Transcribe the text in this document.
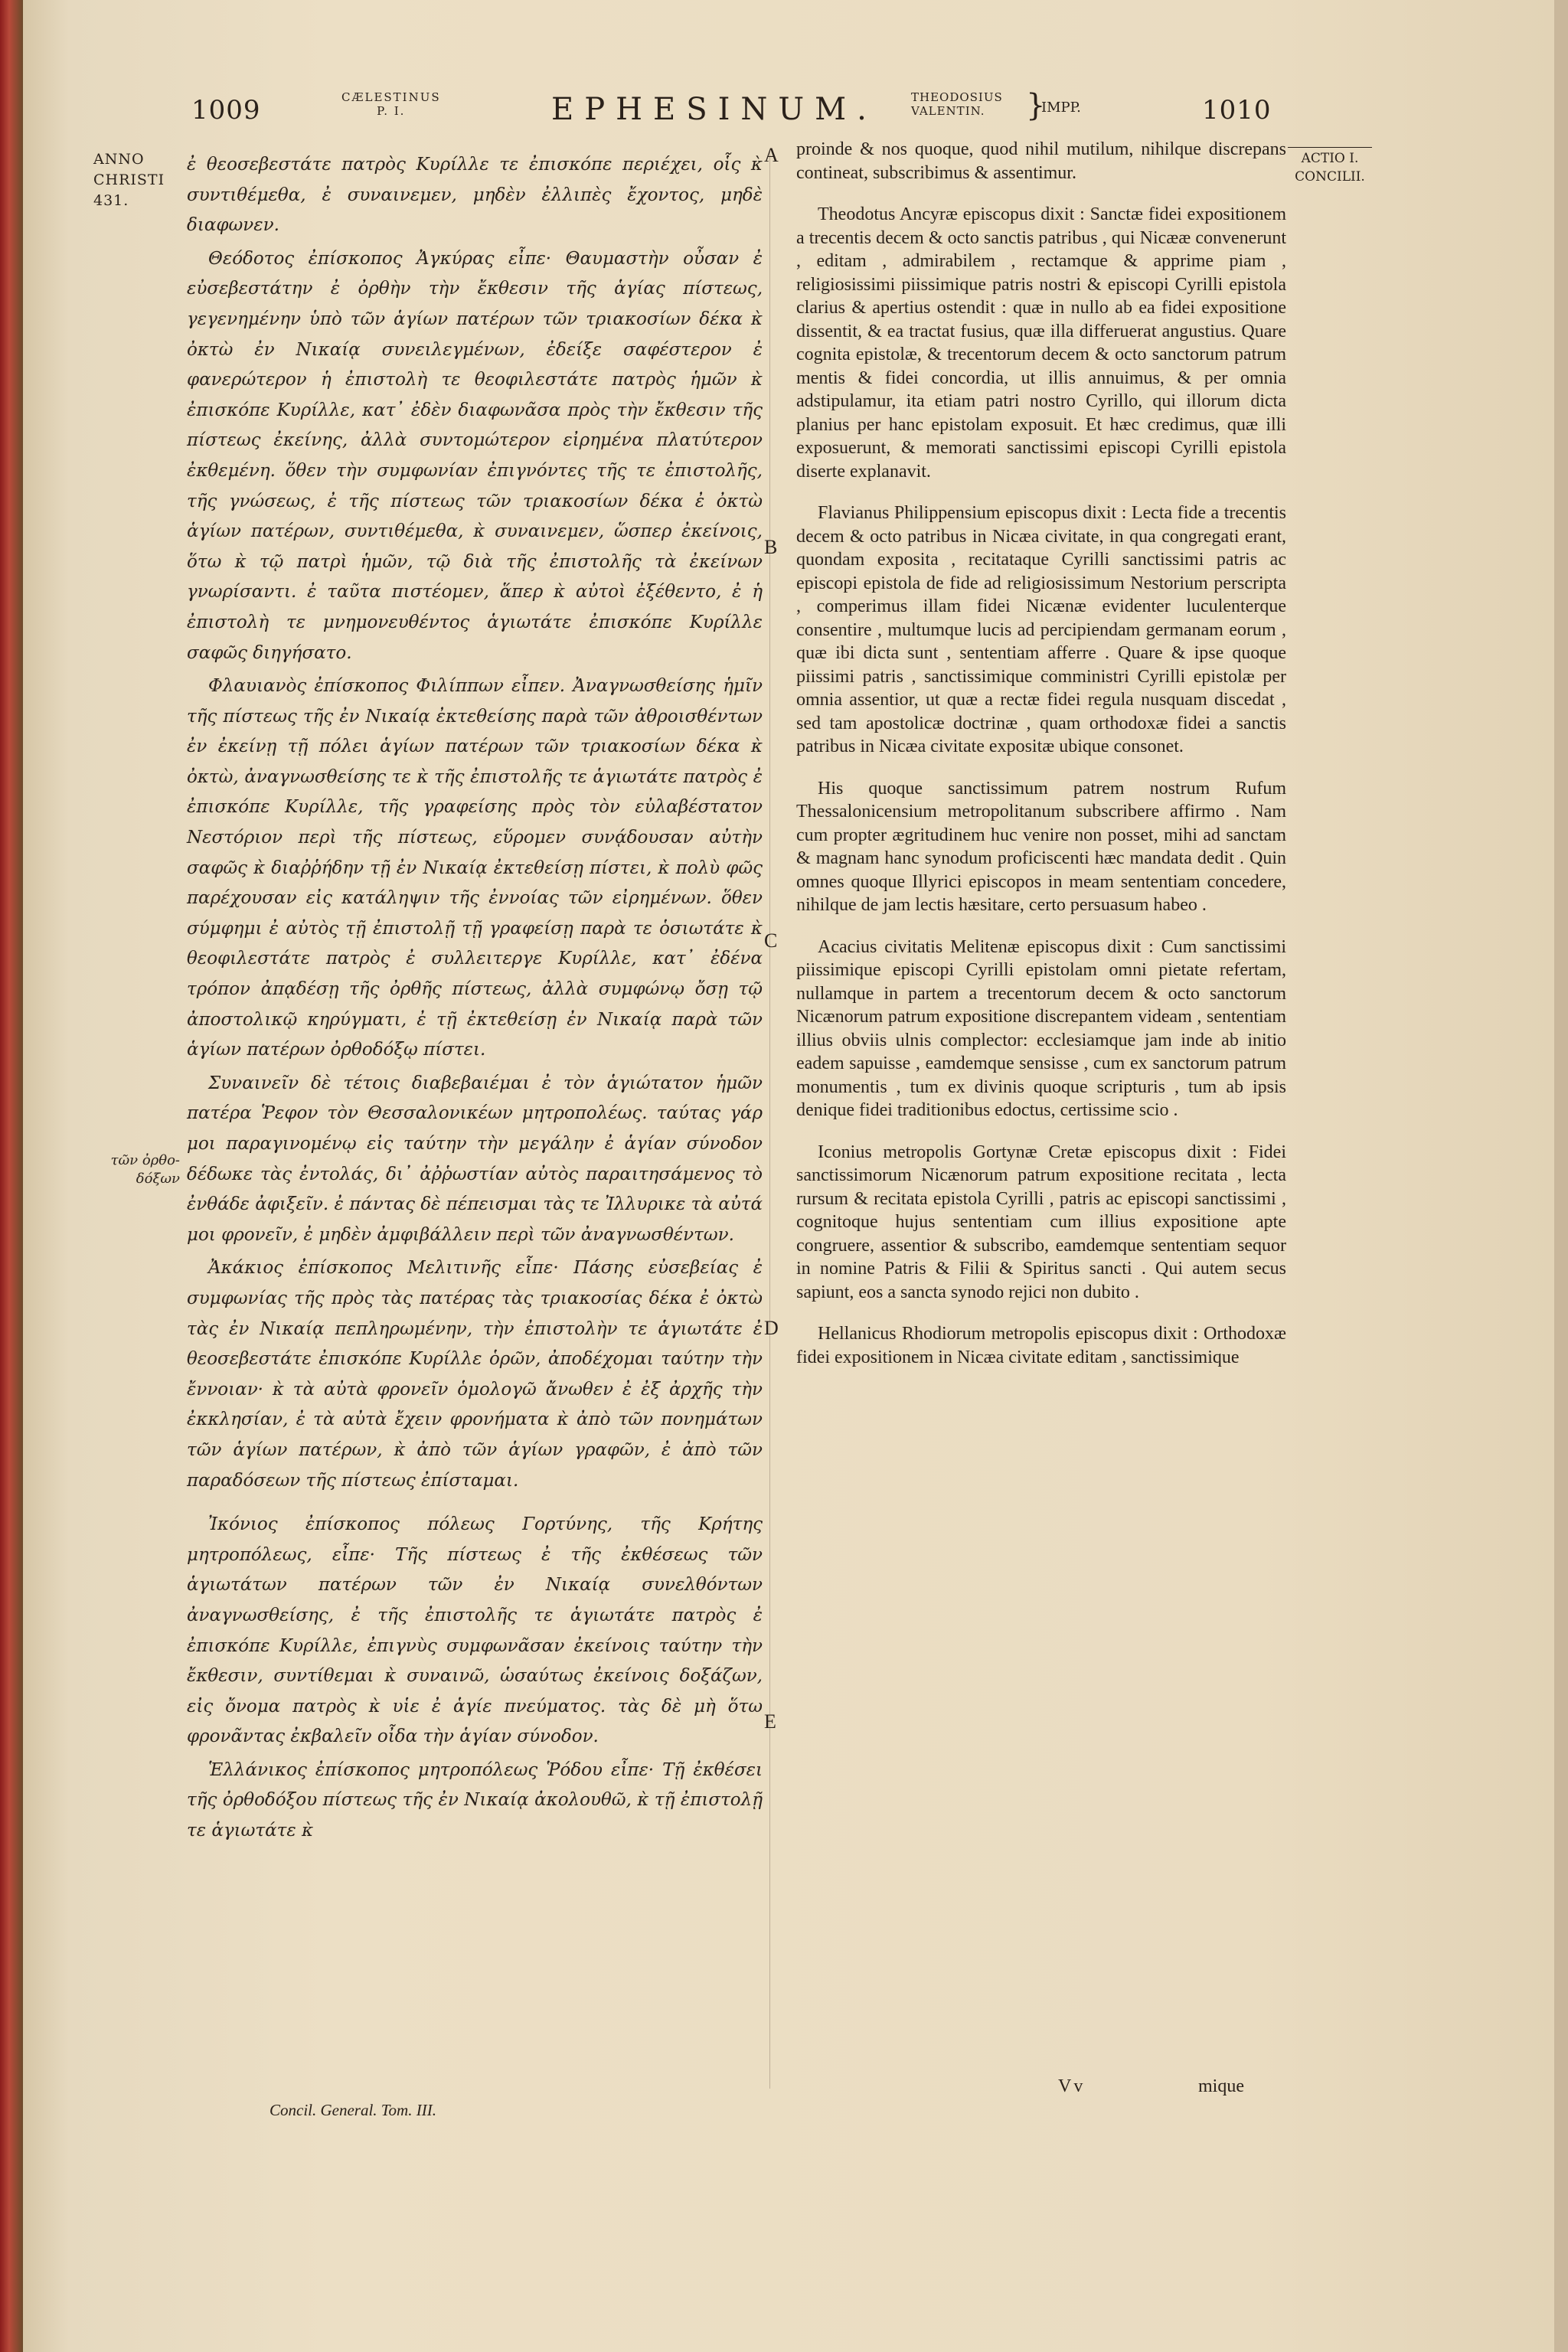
1009	CÆLESTINUS
P. I.	EPHESINUM.	THEODOSIUS
VALENTIN.	}
IMPP.	1010
ANNO
CHRISTI
431.
ACTIO I.
CONCILII.
τῶν ὀρθο-δόξων

ἐ θεοσεβεστάτε πατρὸς Κυρίλλε τε ἐπισκόπε περιέχει, οἷς κ̀ συντιθέμεθα, ἐ συναινεμεν, μηδὲν ἐλλιπὲς ἔχοντος, μηδὲ διαφωνεν.

Θεόδοτος ἐπίσκοπος Ἀγκύρας εἶπε· Θαυμαστὴν οὖσαν ἐ εὐσεβεστάτην ἐ ὀρθὴν τὴν ἔκθεσιν τῆς ἁγίας πίστεως, γεγενημένην ὑπὸ τῶν ἁγίων πατέρων τῶν τριακοσίων δέκα κ̀ ὀκτὼ ἐν Νικαίᾳ συνειλεγμένων, ἐδείξε σαφέστερον ἐ φανερώτερον ἡ ἐπιστολὴ τε θεοφιλεστάτε πατρὸς ἡμῶν κ̀ ἐπισκόπε Κυρίλλε, κατ᾽ ἐδὲν διαφωνᾶσα πρὸς τὴν ἔκθεσιν τῆς πίστεως ἐκείνης, ἀλλὰ συντομώτερον εἰρημένα πλατύτερον ἐκθεμένη. ὅθεν τὴν συμφωνίαν ἐπιγνόντες τῆς τε ἐπιστολῆς, τῆς γνώσεως, ἐ τῆς πίστεως τῶν τριακοσίων δέκα ἐ ὀκτὼ ἁγίων πατέρων, συντιθέμεθα, κ̀ συναινεμεν, ὥσπερ ἐκείνοις, ὅτω κ̀ τῷ πατρὶ ἡμῶν, τῷ διὰ τῆς ἐπιστολῆς τὰ ἐκείνων γνωρίσαντι. ἐ ταῦτα πιστέομεν, ἅπερ κ̀ αὐτοὶ ἐξέθεντο, ἐ ἡ ἐπιστολὴ τε μνημονευθέντος ἁγιωτάτε ἐπισκόπε Κυρίλλε σαφῶς διηγήσατο.

Φλαυιανὸς ἐπίσκοπος Φιλίππων εἶπεν. Ἀναγνωσθείσης ἡμῖν τῆς πίστεως τῆς ἐν Νικαίᾳ ἐκτεθείσης παρὰ τῶν ἀθροισθέντων ἐν ἐκείνῃ τῇ πόλει ἁγίων πατέρων τῶν τριακοσίων δέκα κ̀ ὀκτὼ, ἀναγνωσθείσης τε κ̀ τῆς ἐπιστολῆς τε ἁγιωτάτε πατρὸς ἐ ἐπισκόπε Κυρίλλε, τῆς γραφείσης πρὸς τὸν εὐλαβέστατον Νεστόριον περὶ τῆς πίστεως, εὕρομεν συνᾴδουσαν αὐτὴν σαφῶς κ̀ διαῤῥήδην τῇ ἐν Νικαίᾳ ἐκτεθείσῃ πίστει, κ̀ πολὺ φῶς παρέχουσαν εἰς κατάληψιν τῆς ἐννοίας τῶν εἰρημένων. ὅθεν σύμφημι ἐ αὐτὸς τῇ ἐπιστολῇ τῇ γραφείσῃ παρὰ τε ὁσιωτάτε κ̀ θεοφιλεστάτε πατρὸς ἐ συλλειτεργε Κυρίλλε, κατ᾽ ἐδένα τρόπον ἀπᾳδέσῃ τῆς ὀρθῆς πίστεως, ἀλλὰ συμφώνῳ ὄσῃ τῷ ἀποστολικῷ κηρύγματι, ἐ τῇ ἐκτεθείσῃ ἐν Νικαίᾳ παρὰ τῶν ἁγίων πατέρων ὀρθοδόξῳ πίστει.

Συναινεῖν δὲ τέτοις διαβεβαιέμαι ἐ τὸν ἁγιώτατον ἡμῶν πατέρα Ῥεφον τὸν Θεσσαλονικέων μητροπολέως. ταύτας γάρ μοι παραγινομένῳ εἰς ταύτην τὴν μεγάλην ἐ ἁγίαν σύνοδον δέδωκε τὰς ἐντολάς, δι᾽ ἀῤῥωστίαν αὐτὸς παραιτησάμενος τὸ ἐνθάδε ἀφιξεῖν. ἐ πάντας δὲ πέπεισμαι τὰς τε Ἰλλυρικε τὰ αὐτά μοι φρονεῖν, ἐ μηδὲν ἀμφιβάλλειν περὶ τῶν ἀναγνωσθέντων.

Ἀκάκιος ἐπίσκοπος Μελιτινῆς εἶπε· Πάσης εὐσεβείας ἐ συμφωνίας τῆς πρὸς τὰς πατέρας τὰς τριακοσίας δέκα ἐ ὀκτὼ τὰς ἐν Νικαίᾳ πεπληρωμένην, τὴν ἐπιστολὴν τε ἁγιωτάτε ἐ θεοσεβεστάτε ἐπισκόπε Κυρίλλε ὁρῶν, ἀποδέχομαι ταύτην τὴν ἔννοιαν· κ̀ τὰ αὐτὰ φρονεῖν ὁμολογῶ ἄνωθεν ἐ ἐξ ἀρχῆς τὴν ἐκκλησίαν, ἐ τὰ αὐτὰ ἔχειν φρονήματα κ̀ ἀπὸ τῶν πονημάτων τῶν ἁγίων πατέρων, κ̀ ἀπὸ τῶν ἁγίων γραφῶν, ἐ ἀπὸ τῶν παραδόσεων τῆς πίστεως ἐπίσταμαι.

Ἰκόνιος ἐπίσκοπος πόλεως Γορτύνης, τῆς Κρήτης μητροπόλεως, εἶπε· Τῆς πίστεως ἐ τῆς ἐκθέσεως τῶν ἁγιωτάτων πατέρων τῶν ἐν Νικαίᾳ συνελθόντων ἀναγνωσθείσης, ἐ τῆς ἐπιστολῆς τε ἁγιωτάτε πατρὸς ἐ ἐπισκόπε Κυρίλλε, ἐπιγνὺς συμφωνᾶσαν ἐκείνοις ταύτην τὴν ἔκθεσιν, συντίθεμαι κ̀ συναινῶ, ὡσαύτως ἐκείνοις δοξάζων, εἰς ὄνομα πατρὸς κ̀ υἱε ἐ ἁγίε πνεύματος. τὰς δὲ μὴ ὅτω φρονᾶντας ἐκβαλεῖν οἶδα τὴν ἁγίαν σύνοδον.

Ἑλλάνικος ἐπίσκοπος μητροπόλεως Ῥόδου εἶπε· Τῇ ἐκθέσει τῆς ὀρθοδόξου πίστεως τῆς ἐν Νικαίᾳ ἀκολουθῶ, κ̀ τῇ ἐπιστολῇ τε ἁγιωτάτε κ̀

A
B
C
D
E

proinde & nos quoque, quod nihil mutilum, nihilque discrepans contineat, subscribimus & assentimur.

Theodotus Ancyræ episcopus dixit : Sanctæ fidei expositionem a trecentis decem & octo sanctis patribus , qui Nicææ convenerunt , editam , admirabilem , rectamque & apprime piam , religiosissimi piissimique patris nostri & episcopi Cyrilli epistola clarius & apertius ostendit : quæ in nullo ab ea fidei expositione dissentit, & ea tractat fusius, quæ illa differuerat angustius. Quare cognita epistolæ, & trecentorum decem & octo sanctorum patrum mentis & fidei concordia, ut illis annuimus, & per omnia adstipulamur, ita etiam patri nostro Cyrillo, qui illorum dicta planius per hanc epistolam exposuit. Et hæc credimus, quæ illi exposuerunt, & memorati sanctissimi episcopi Cyrilli epistola diserte explanavit.

Flavianus Philippensium episcopus dixit : Lecta fide a trecentis decem & octo patribus in Nicæa civitate, in qua congregati erant, quondam exposita , recitataque Cyrilli sanctissimi patris ac episcopi epistola de fide ad religiosissimum Nestorium perscripta , comperimus illam fidei Nicænæ evidenter luculenterque consentire , multumque lucis ad percipiendam germanam eorum , quæ ibi dicta sunt , sententiam afferre . Quare & ipse quoque piissimi patris , sanctissimique comministri Cyrilli epistolæ per omnia assentior, ut quæ a rectæ fidei regula nusquam discedat , sed tam apostolicæ doctrinæ , quam orthodoxæ fidei a sanctis patribus in Nicæa civitate expositæ ubique consonet.

His quoque sanctissimum patrem nostrum Rufum Thessalonicensium metropolitanum subscribere affirmo . Nam cum propter ægritudinem huc venire non posset, mihi ad sanctam & magnam hanc synodum proficiscenti hæc mandata dedit . Quin omnes quoque Illyrici episcopos in meam sententiam concedere, nihilque de jam lectis hæsitare, certo persuasum habeo .

Acacius civitatis Melitenæ episcopus dixit : Cum sanctissimi piissimique episcopi Cyrilli epistolam omni pietate refertam, nullamque in partem a trecentorum decem & octo sanctorum Nicænorum patrum expositione discrepantem videam , sententiam illius obviis ulnis complector: ecclesiamque jam inde ab initio eadem sapuisse , eamdemque sensisse , cum ex sanctorum patrum monumentis , tum ex divinis quoque scripturis , tum ab ipsis denique fidei traditionibus edoctus, certissime scio .

Iconius metropolis Gortynæ Cretæ episcopus dixit : Fidei sanctissimorum Nicænorum patrum expositione recitata , lecta rursum & recitata epistola Cyrilli , patris ac episcopi sanctissimi , cognitoque hujus sententiam cum illius expositione apte congruere, assentior & subscribo, eamdemque sententiam sequor in nomine Patris & Filii & Spiritus sancti . Qui autem secus sapiunt, eos a sancta synodo rejici non dubito .

Hellanicus Rhodiorum metropolis episcopus dixit : Orthodoxæ fidei expositionem in Nicæa civitate editam , sanctissimique

Concil. General. Tom. III.
Vv	mique
